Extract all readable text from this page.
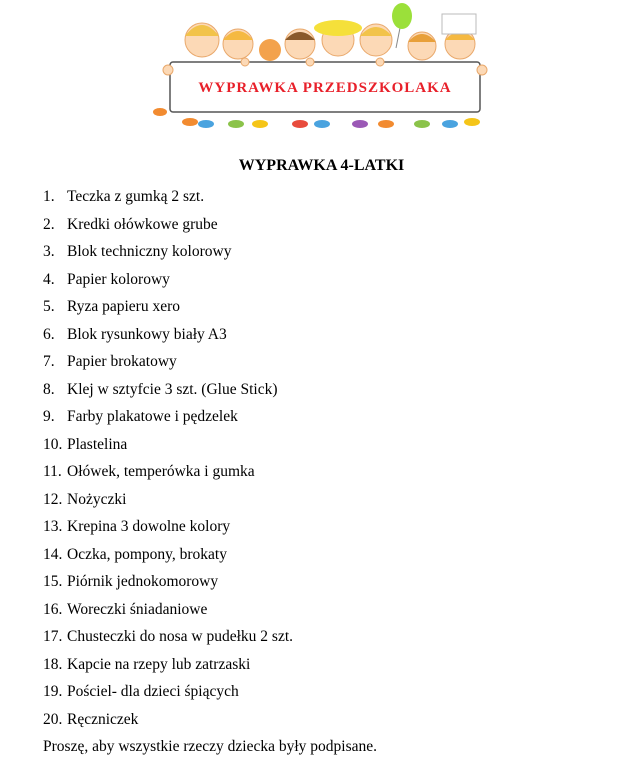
WYPRAWKA PRZEDSZKOLAKA
WYPRAWKA 4-LATKI
1. Teczka z gumką 2 szt.
2. Kredki ołówkowe grube
3. Blok techniczny kolorowy
4. Papier kolorowy
5. Ryza papieru xero
6. Blok rysunkowy biały A3
7. Papier brokatowy
8. Klej w sztyfcie 3 szt. (Glue Stick)
9. Farby plakatowe i pędzelek
10. Plastelina
11. Ołówek, temperówka i gumka
12. Nożyczki
13. Krepina 3 dowolne kolory
14. Oczka, pompony, brokaty
15. Piórnik jednokomorowy
16. Woreczki śniadaniowe
17. Chusteczki do nosa w pudełku 2 szt.
18. Kapcie na rzepy lub zatrzaski
19. Pościel- dla dzieci śpiących
20. Ręczniczek
Proszę, aby wszystkie rzeczy dziecka były podpisane.
